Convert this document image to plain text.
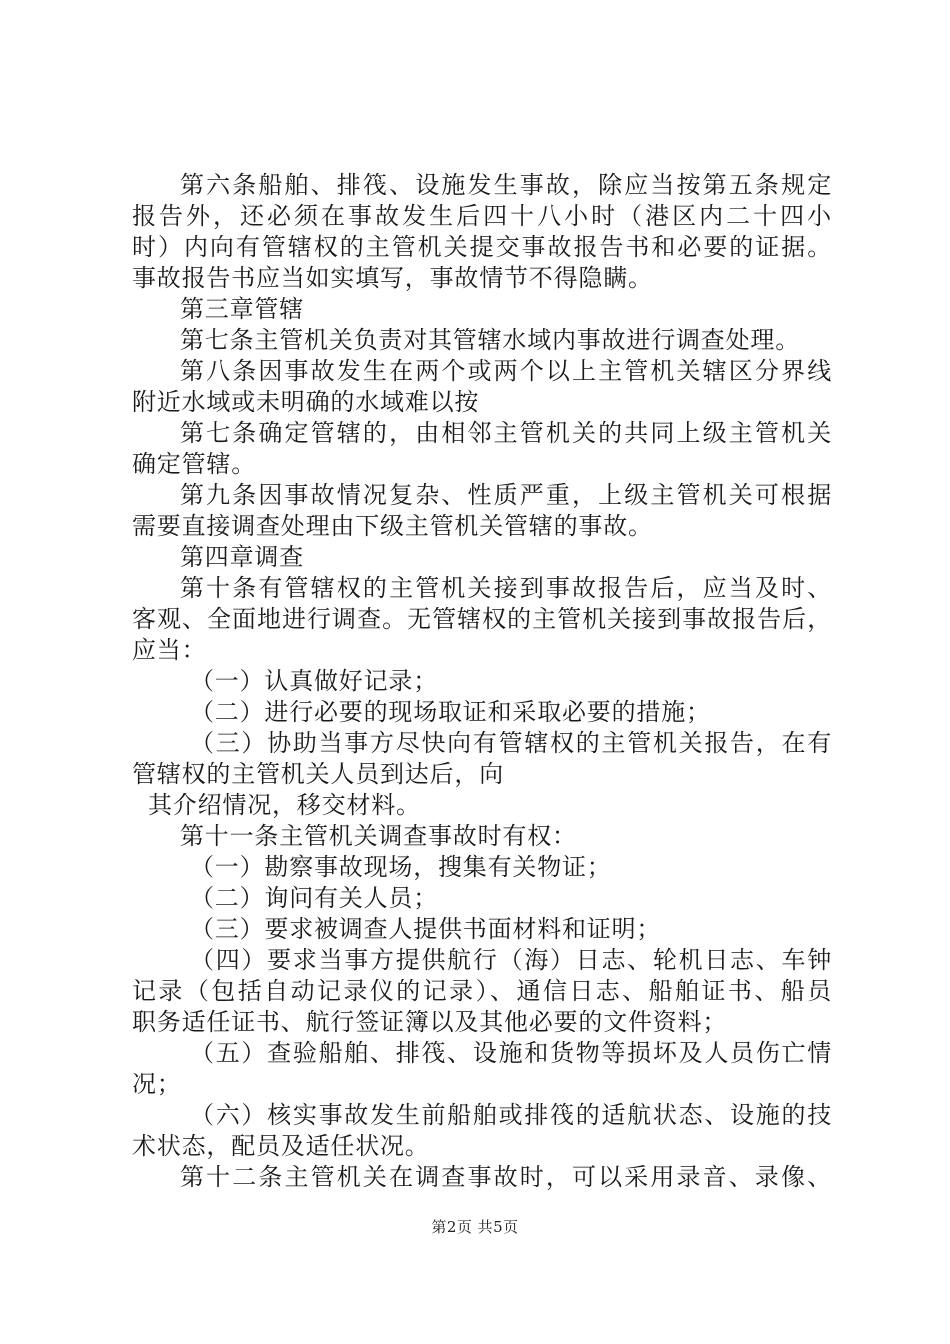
第六条船舶、排筏、设施发生事故，除应当按第五条规定
报告外，还必须在事故发生后四十八小时（港区内二十四小
时）内向有管辖权的主管机关提交事故报告书和必要的证据。
事故报告书应当如实填写，事故情节不得隐瞒。
第三章管辖
第七条主管机关负责对其管辖水域内事故进行调查处理。
第八条因事故发生在两个或两个以上主管机关辖区分界线
附近水域或未明确的水域难以按
第七条确定管辖的，由相邻主管机关的共同上级主管机关
确定管辖。
第九条因事故情况复杂、性质严重，上级主管机关可根据
需要直接调查处理由下级主管机关管辖的事故。
第四章调查
第十条有管辖权的主管机关接到事故报告后，应当及时、
客观、全面地进行调查。无管辖权的主管机关接到事故报告后，
应当：
（一）认真做好记录；
（二）进行必要的现场取证和采取必要的措施；
（三）协助当事方尽快向有管辖权的主管机关报告，在有
管辖权的主管机关人员到达后，向
其介绍情况，移交材料。
第十一条主管机关调查事故时有权：
（一）勘察事故现场，搜集有关物证；
（二）询问有关人员；
（三）要求被调查人提供书面材料和证明；
（四）要求当事方提供航行（海）日志、轮机日志、车钟
记录（包括自动记录仪的记录）、通信日志、船舶证书、船员
职务适任证书、航行签证簿以及其他必要的文件资料；
（五）查验船舶、排筏、设施和货物等损坏及人员伤亡情
况；
（六）核实事故发生前船舶或排筏的适航状态、设施的技
术状态，配员及适任状况。
第十二条主管机关在调查事故时，可以采用录音、录像、
第2页 共5页
